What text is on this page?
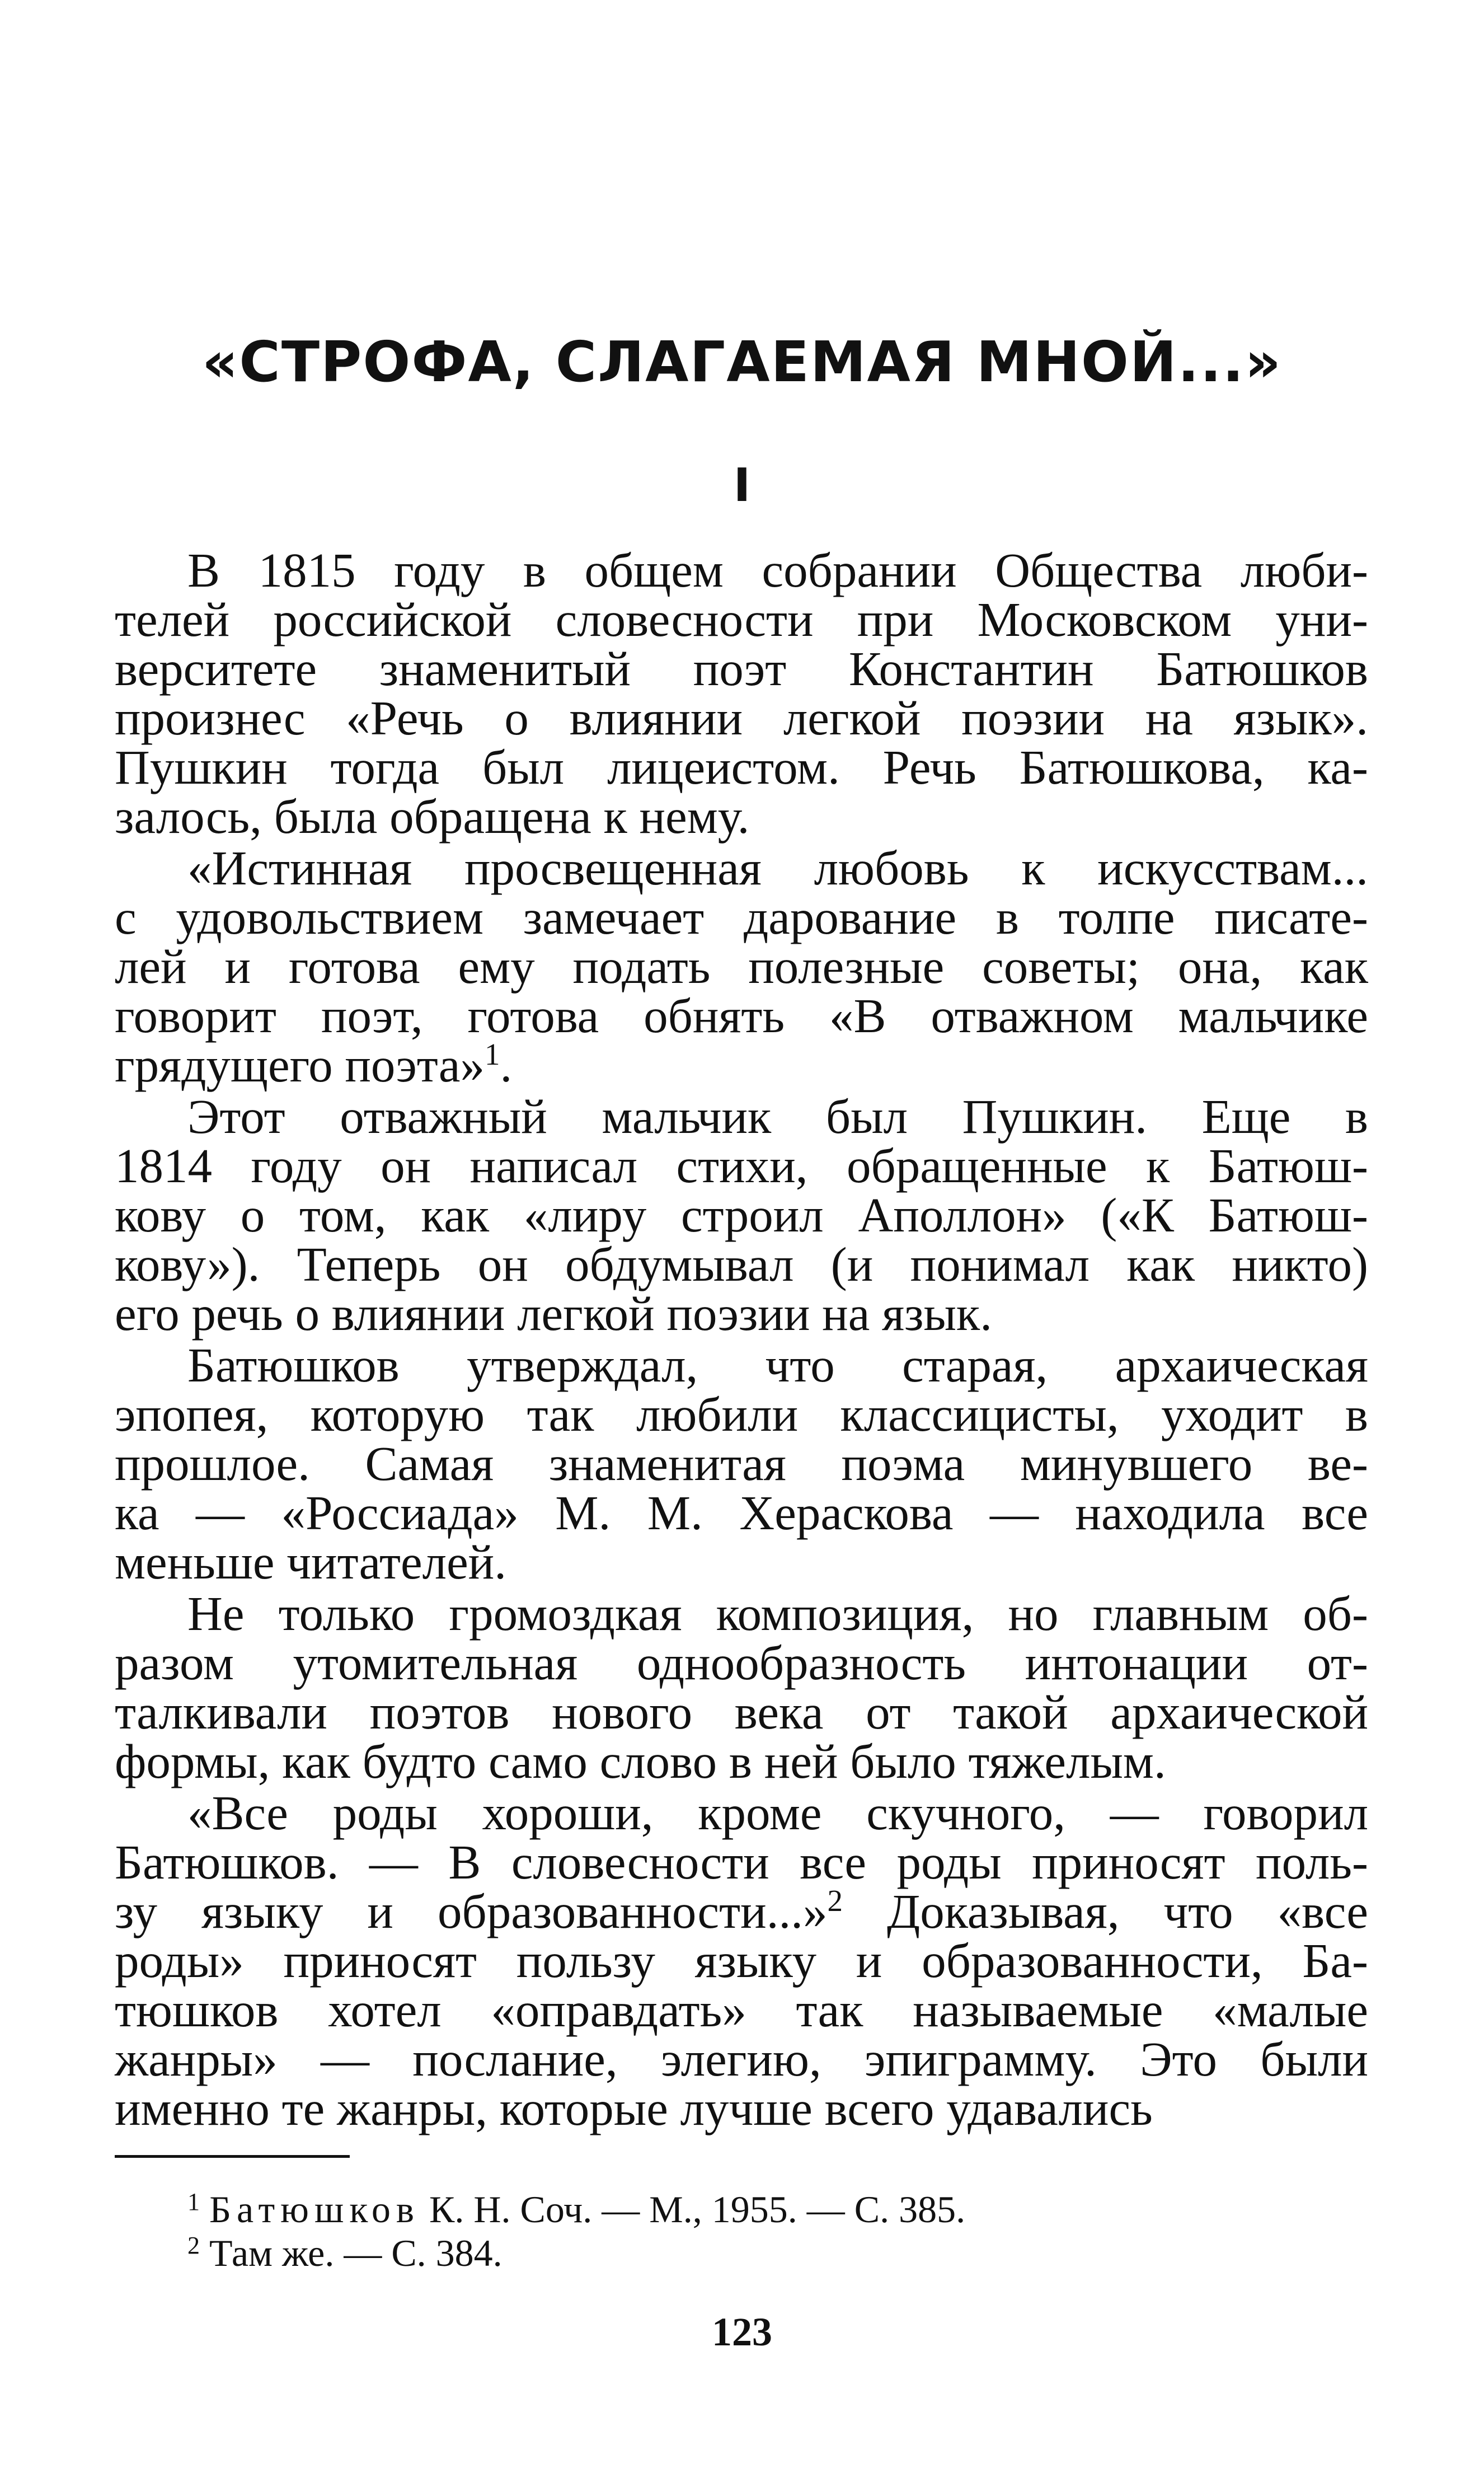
«СТРОФА, СЛАГАЕМАЯ МНОЙ...»
I
В 1815 году в общем собрании Общества люби-
телей российской словесности при Московском уни-
верситете знаменитый поэт Константин Батюшков
произнес «Речь о влиянии легкой поэзии на язык».
Пушкин тогда был лицеистом. Речь Батюшкова, ка-
залось, была обращена к нему.
«Истинная просвещенная любовь к искусствам...
с удовольствием замечает дарование в толпе писате-
лей и готова ему подать полезные советы; она, как
говорит поэт, готова обнять «В отважном мальчике
грядущего поэта»$^1$.
Этот отважный мальчик был Пушкин. Еще в
1814 году он написал стихи, обращенные к Батюш-
кову о том, как «лиру строил Аполлон» («К Батюш-
кову»). Теперь он обдумывал (и понимал как никто)
его речь о влиянии легкой поэзии на язык.
Батюшков утверждал, что старая, архаическая
эпопея, которую так любили классицисты, уходит в
прошлое. Самая знаменитая поэма минувшего ве-
ка — «Россиада» М. М. Хераскова — находила все
меньше читателей.
Не только громоздкая композиция, но главным об-
разом утомительная однообразность интонации от-
талкивали поэтов нового века от такой архаической
формы, как будто само слово в ней было тяжелым.
«Все роды хороши, кроме скучного, — говорил
Батюшков. — В словесности все роды приносят поль-
зу языку и образованности...»$^2$ Доказывая, что «все
роды» приносят пользу языку и образованности, Ба-
тюшков хотел «оправдать» так называемые «малые
жанры» — послание, элегию, эпиграмму. Это были
именно те жанры, которые лучше всего удавались
$^1$ Батюшков К. Н. Соч. — М., 1955. — С. 385.
$^2$ Там же. — С. 384.
123
